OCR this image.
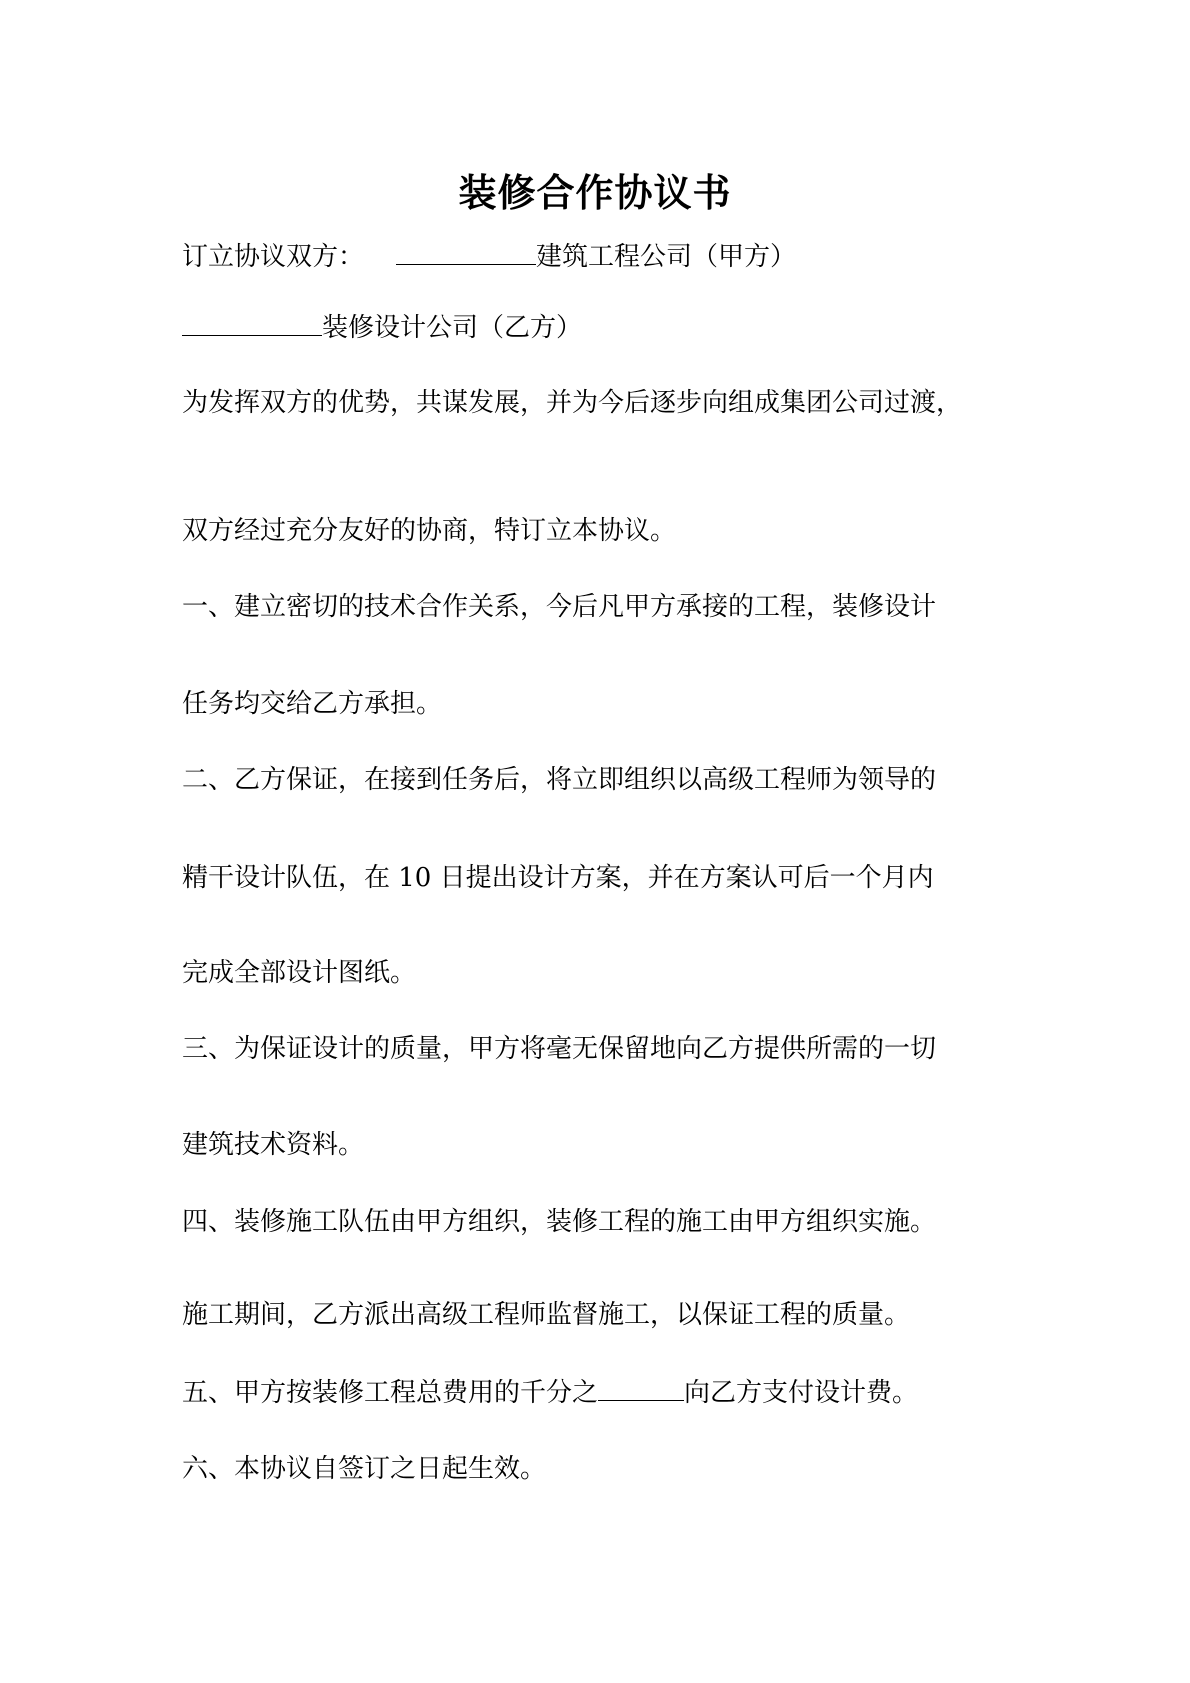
装修合作协议书

订立协议双方：	建筑工程公司（甲方）

装修设计公司（乙方）

为发挥双方的优势，共谋发展，并为今后逐步向组成集团公司过渡，

双方经过充分友好的协商，特订立本协议。

一、建立密切的技术合作关系，今后凡甲方承接的工程，装修设计

任务均交给乙方承担。

二、乙方保证，在接到任务后，将立即组织以高级工程师为领导的

精干设计队伍，在 10 日提出设计方案，并在方案认可后一个月内

完成全部设计图纸。

三、为保证设计的质量，甲方将毫无保留地向乙方提供所需的一切

建筑技术资料。

四、装修施工队伍由甲方组织，装修工程的施工由甲方组织实施。

施工期间，乙方派出高级工程师监督施工，以保证工程的质量。

五、甲方按装修工程总费用的千分之	向乙方支付设计费。

六、本协议自签订之日起生效。
